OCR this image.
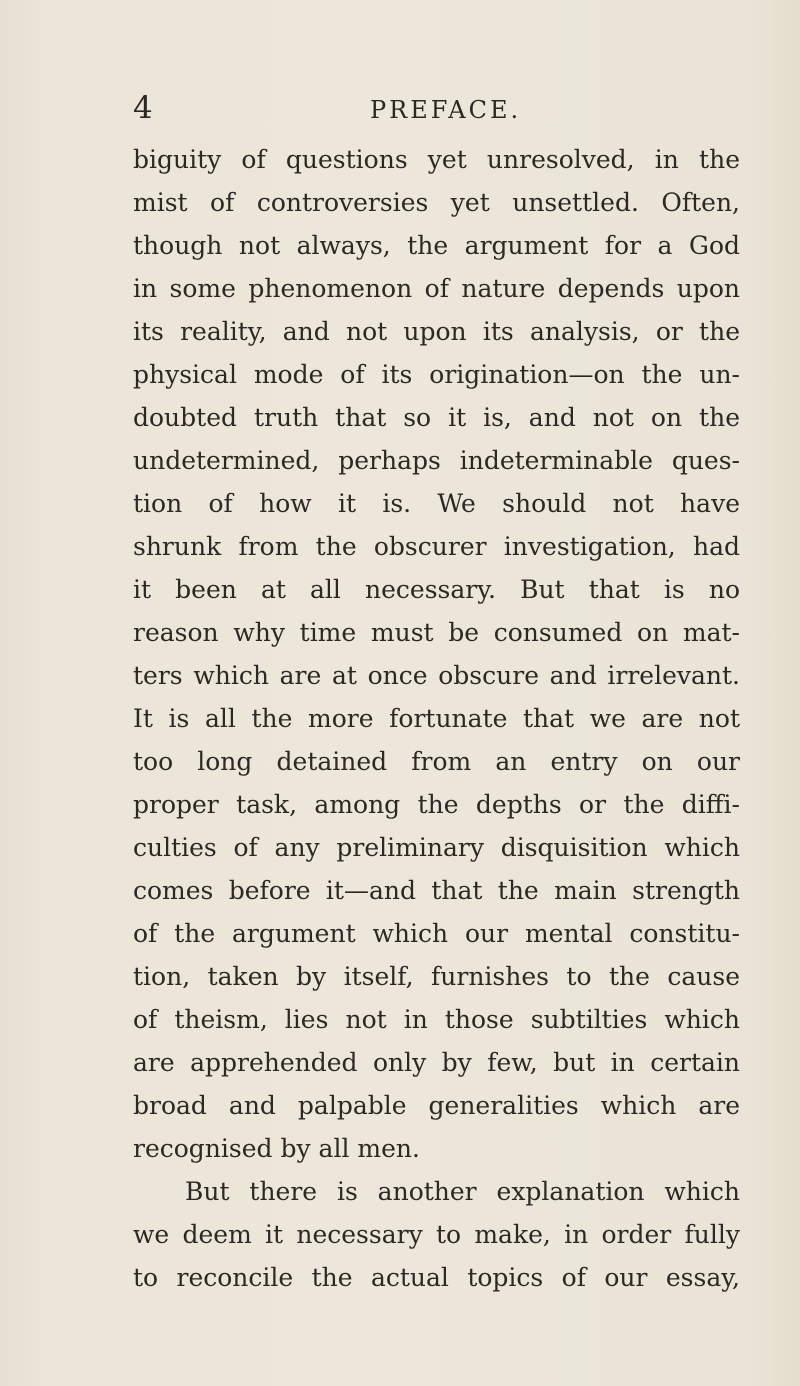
4	PREFACE.
biguity of questions yet unresolved, in the
mist of controversies yet unsettled. Often,
though not always, the argument for a God
in some phenomenon of nature depends upon
its reality, and not upon its analysis, or the
physical mode of its origination—on the un-
doubted truth that so it is, and not on the
undetermined, perhaps indeterminable ques-
tion of how it is. We should not have
shrunk from the obscurer investigation, had
it been at all necessary. But that is no
reason why time must be consumed on mat-
ters which are at once obscure and irrelevant.
It is all the more fortunate that we are not
too long detained from an entry on our
proper task, among the depths or the diffi-
culties of any preliminary disquisition which
comes before it—and that the main strength
of the argument which our mental constitu-
tion, taken by itself, furnishes to the cause
of theism, lies not in those subtilties which
are apprehended only by few, but in certain
broad and palpable generalities which are
recognised by all men.
But there is another explanation which
we deem it necessary to make, in order fully
to reconcile the actual topics of our essay,
